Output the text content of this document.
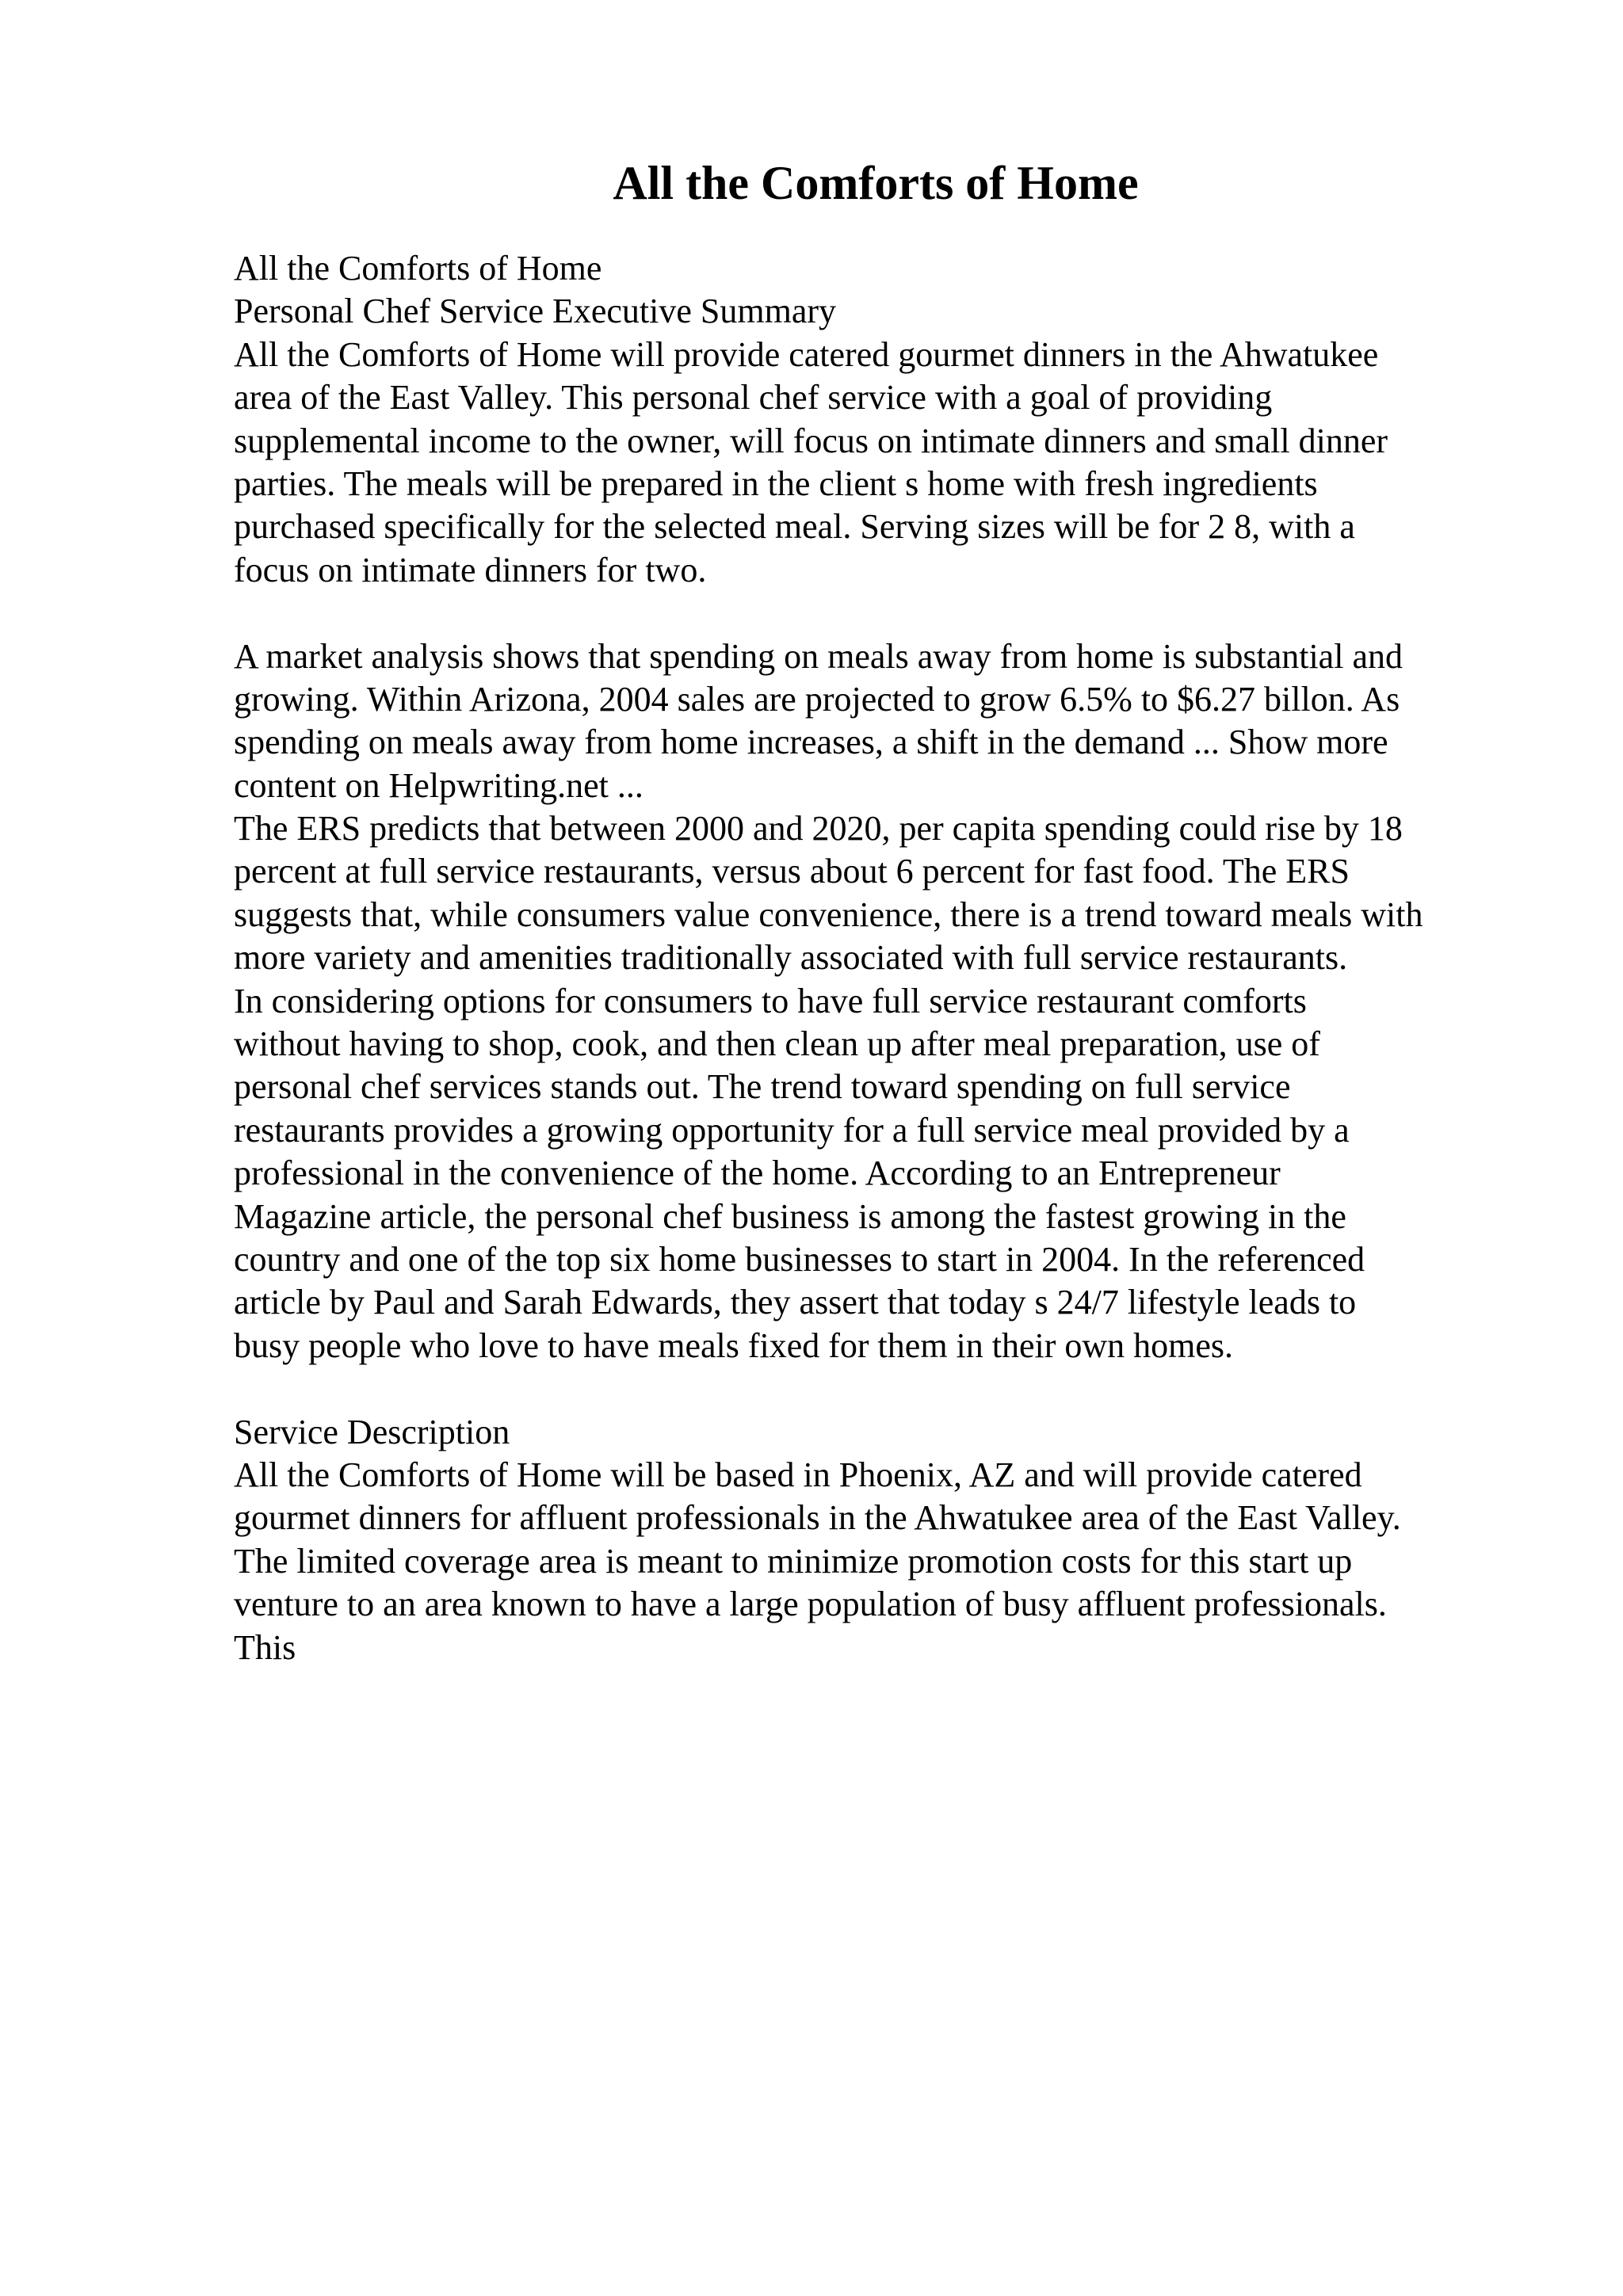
All the Comforts of Home
All the Comforts of Home
Personal Chef Service Executive Summary
All the Comforts of Home will provide catered gourmet dinners in the Ahwatukee
area of the East Valley. This personal chef service with a goal of providing
supplemental income to the owner, will focus on intimate dinners and small dinner
parties. The meals will be prepared in the client s home with fresh ingredients
purchased specifically for the selected meal. Serving sizes will be for 2 8, with a
focus on intimate dinners for two.
A market analysis shows that spending on meals away from home is substantial and
growing. Within Arizona, 2004 sales are projected to grow 6.5% to $6.27 billon. As
spending on meals away from home increases, a shift in the demand ... Show more
content on Helpwriting.net ...
The ERS predicts that between 2000 and 2020, per capita spending could rise by 18
percent at full service restaurants, versus about 6 percent for fast food. The ERS
suggests that, while consumers value convenience, there is a trend toward meals with
more variety and amenities traditionally associated with full service restaurants.
In considering options for consumers to have full service restaurant comforts
without having to shop, cook, and then clean up after meal preparation, use of
personal chef services stands out. The trend toward spending on full service
restaurants provides a growing opportunity for a full service meal provided by a
professional in the convenience of the home. According to an Entrepreneur
Magazine article, the personal chef business is among the fastest growing in the
country and one of the top six home businesses to start in 2004. In the referenced
article by Paul and Sarah Edwards, they assert that today s 24/7 lifestyle leads to
busy people who love to have meals fixed for them in their own homes.
Service Description
All the Comforts of Home will be based in Phoenix, AZ and will provide catered
gourmet dinners for affluent professionals in the Ahwatukee area of the East Valley.
The limited coverage area is meant to minimize promotion costs for this start up
venture to an area known to have a large population of busy affluent professionals.
This
